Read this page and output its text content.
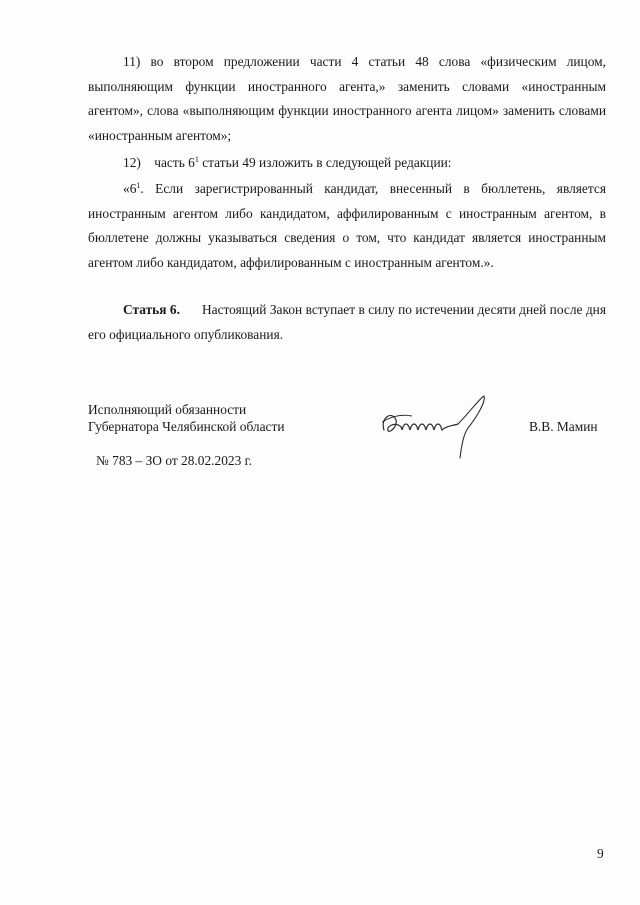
11) во втором предложении части 4 статьи 48 слова «физическим лицом, выполняющим функции иностранного агента,» заменить словами «иностранным агентом», слова «выполняющим функции иностранного агента лицом» заменить словами «иностранным агентом»;

12) часть $6^1$ статьи 49 изложить в следующей редакции:

«$6^1$. Если зарегистрированный кандидат, внесенный в бюллетень, является иностранным агентом либо кандидатом, аффилированным с иностранным агентом, в бюллетене должны указываться сведения о том, что кандидат является иностранным агентом либо кандидатом, аффилированным с иностранным агентом.».

Статья 6. Настоящий Закон вступает в силу по истечении десяти дней после дня его официального опубликования.

Исполняющий обязанности
Губернатора Челябинской области	В.В. Мамин
№ 783 – ЗО от 28.02.2023 г.
9
